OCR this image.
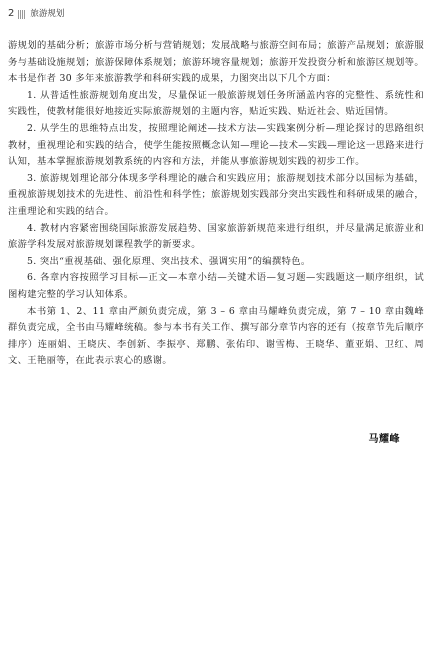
2 旅游规划

游规划的基础分析；旅游市场分析与营销规划；发展战略与旅游空间布局；旅游产品规划；旅游服务与基础设施规划；旅游保障体系规划；旅游环境容量规划；旅游开发投资分析和旅游区规划等。本书是作者 30 多年来旅游教学和科研实践的成果，力图突出以下几个方面：

1. 从普适性旅游规划角度出发，尽量保证一般旅游规划任务所涵盖内容的完整性、系统性和实践性，使教材能很好地接近实际旅游规划的主题内容，贴近实践、贴近社会、贴近国情。

2. 从学生的思维特点出发，按照理论阐述—技术方法—实践案例分析—理论探讨的思路组织教材，重视理论和实践的结合，使学生能按照概念认知—理论—技术—实践—理论这一思路来进行认知，基本掌握旅游规划教系统的内容和方法，并能从事旅游规划实践的初步工作。

3. 旅游规划理论部分体现多学科理论的融合和实践应用；旅游规划技术部分以国标为基础，重视旅游规划技术的先进性、前沿性和科学性；旅游规划实践部分突出实践性和科研成果的融合，注重理论和实践的结合。

4. 教材内容紧密围绕国际旅游发展趋势、国家旅游新规范来进行组织，并尽量满足旅游业和旅游学科发展对旅游规划课程教学的新要求。

5. 突出“重视基础、强化原理、突出技术、强调实用”的编撰特色。

6. 各章内容按照学习目标—正文—本章小结—关键术语—复习题—实践题这一顺序组织，试图构建完整的学习认知体系。

本书第 1、2、11 章由严颜负责完成，第 3 – 6 章由马耀峰负责完成，第 7 – 10 章由魏峰群负责完成，全书由马耀峰统稿。参与本书有关工作、撰写部分章节内容的还有（按章节先后顺序排序）连丽娟、王晓庆、李创新、李振亭、郑鹏、张佑印、谢雪梅、王晓华、董亚娟、卫红、周文、王艳丽等，在此表示衷心的感谢。

马耀峰
